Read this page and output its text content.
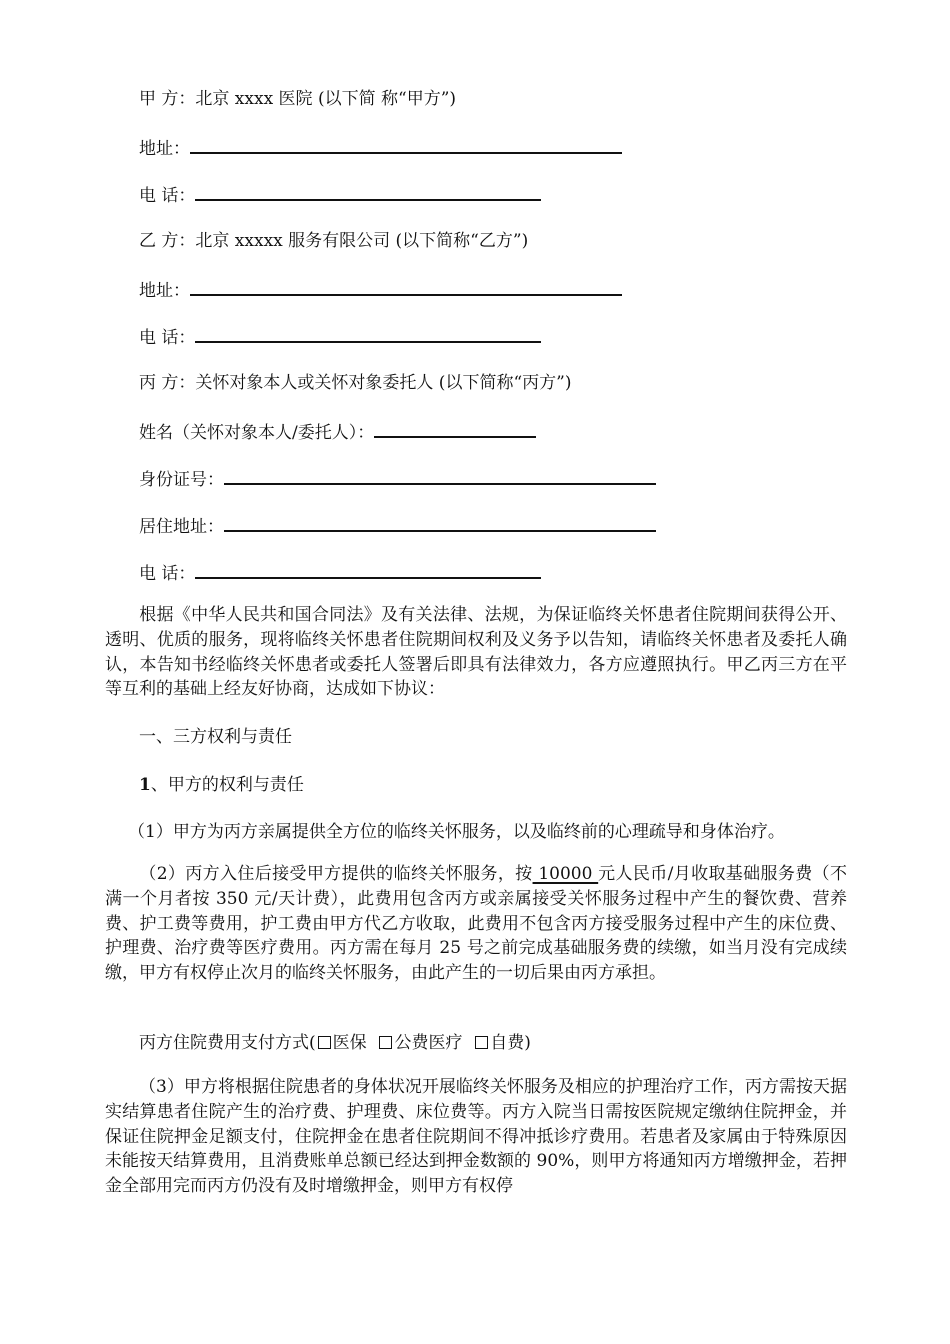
甲 方：北京 xxxx 医院 (以下简 称“甲方”)
地址：
电 话：
乙 方：北京 xxxxx 服务有限公司 (以下简称“乙方”)
地址：
电 话：
丙 方：关怀对象本人或关怀对象委托人 (以下简称“丙方”)
姓名（关怀对象本人/委托人）：
身份证号：
居住地址：
电 话：
根据《中华人民共和国合同法》及有关法律、法规，为保证临终关怀患者住院期间获得公开、透明、优质的服务，现将临终关怀患者住院期间权利及义务予以告知，请临终关怀患者及委托人确认，本告知书经临终关怀患者或委托人签署后即具有法律效力，各方应遵照执行。甲乙丙三方在平等互利的基础上经友好协商，达成如下协议：
一、三方权利与责任
1、甲方的权利与责任
（1）甲方为丙方亲属提供全方位的临终关怀服务，以及临终前的心理疏导和身体治疗。
（2）丙方入住后接受甲方提供的临终关怀服务，按 10000 元人民币/月收取基础服务费（不满一个月者按 350 元/天计费），此费用包含丙方或亲属接受关怀服务过程中产生的餐饮费、营养费、护工费等费用，护工费由甲方代乙方收取，此费用不包含丙方接受服务过程中产生的床位费、护理费、治疗费等医疗费用。丙方需在每月 25 号之前完成基础服务费的续缴，如当月没有完成续缴，甲方有权停止次月的临终关怀服务，由此产生的一切后果由丙方承担。
丙方住院费用支付方式( 医保 公费医疗 自费)
（3）甲方将根据住院患者的身体状况开展临终关怀服务及相应的护理治疗工作，丙方需按天据实结算患者住院产生的治疗费、护理费、床位费等。丙方入院当日需按医院规定缴纳住院押金，并保证住院押金足额支付，住院押金在患者住院期间不得冲抵诊疗费用。若患者及家属由于特殊原因未能按天结算费用，且消费账单总额已经达到押金数额的 90%，则甲方将通知丙方增缴押金，若押金全部用完而丙方仍没有及时增缴押金，则甲方有权停
